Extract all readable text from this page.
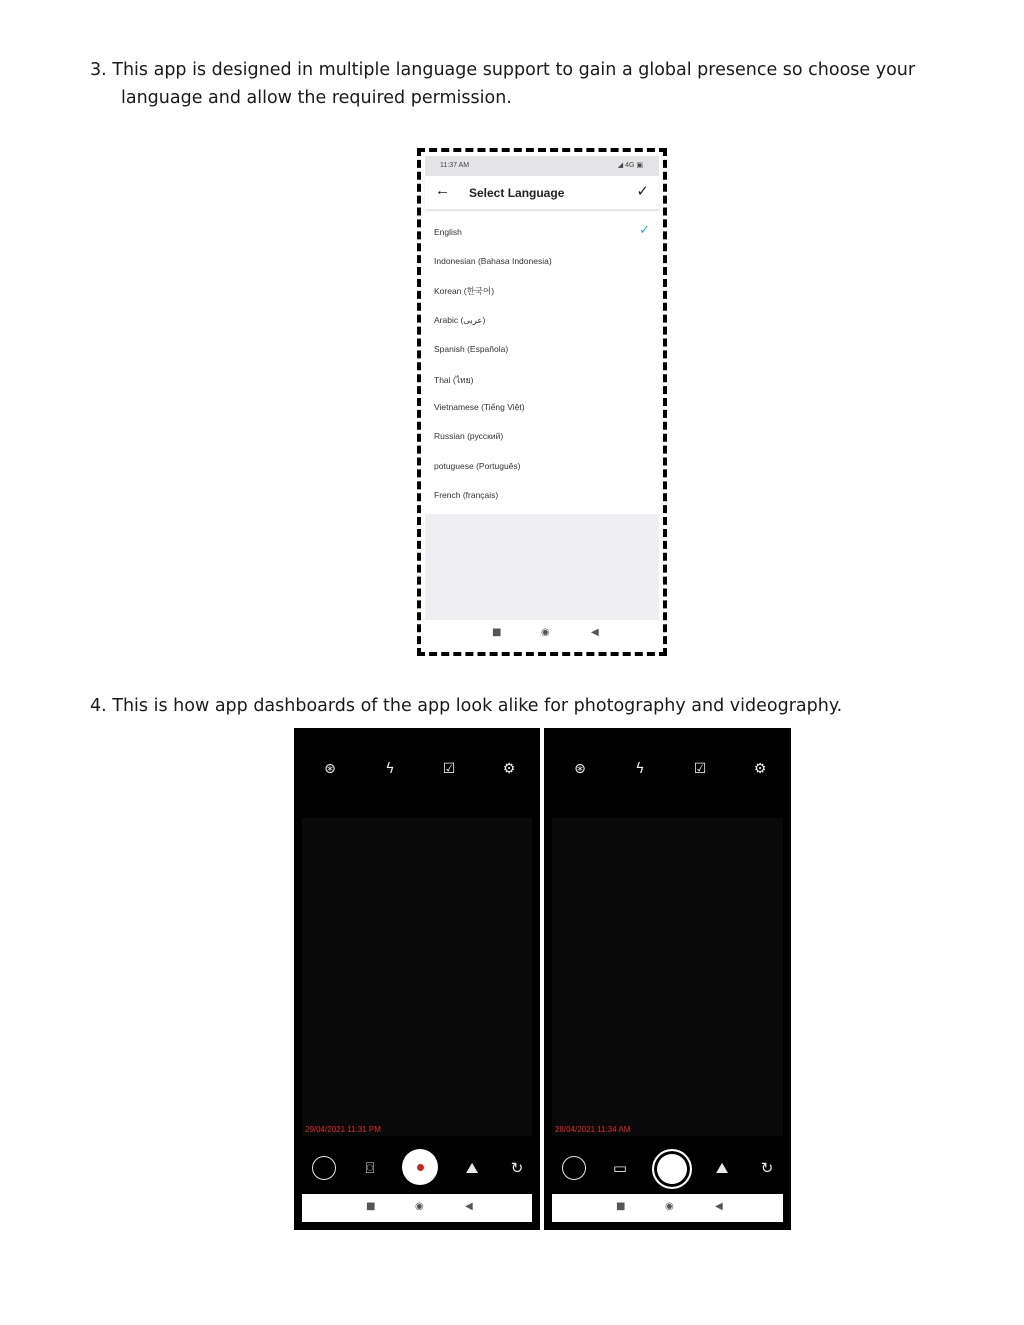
3. This app is designed in multiple language support to gain a global presence so choose your
language and allow the required permission.
11:37 AM	◢ 4G ▣
← Select Language	✓
English	✓
Indonesian (Bahasa Indonesia)
Korean (한국어)
Arabic (عربى)
Spanish (Española)
Thai (ไทย)
Vietnamese (Tiếng Việt)
Russian (русский)
potuguese (Português)
French (français)
■	◉	◀
4. This is how app dashboards of the app look alike for photography and videography.
⊛	ϟ	☑	⚙
29/04/2021 11:31 PM
⌼	⛰	↻
■	◉	◀
⊛	ϟ	☑	⚙
28/04/2021 11:34 AM
▭	⛰	↻
■	◉	◀
